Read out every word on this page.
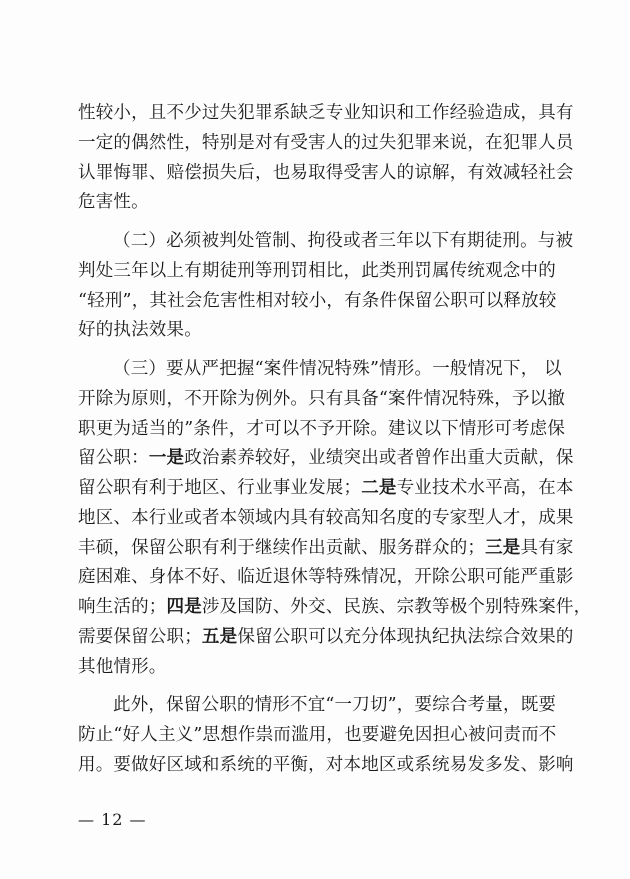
性较小，且不少过失犯罪系缺乏专业知识和工作经验造成，具有
一定的偶然性，特别是对有受害人的过失犯罪来说，在犯罪人员
认罪悔罪、赔偿损失后，也易取得受害人的谅解，有效减轻社会
危害性。
（二）必须被判处管制、拘役或者三年以下有期徒刑。与被
判处三年以上有期徒刑等刑罚相比，此类刑罚属传统观念中的
“轻刑”，其社会危害性相对较小，有条件保留公职可以释放较
好的执法效果。
（三）要从严把握“案件情况特殊”情形。一般情况下， 以
开除为原则，不开除为例外。只有具备“案件情况特殊，予以撤
职更为适当的”条件，才可以不予开除。建议以下情形可考虑保
留公职：一是政治素养较好，业绩突出或者曾作出重大贡献，保
留公职有利于地区、行业事业发展；二是专业技术水平高，在本
地区、本行业或者本领域内具有较高知名度的专家型人才，成果
丰硕，保留公职有利于继续作出贡献、服务群众的；三是具有家
庭困难、身体不好、临近退休等特殊情况，开除公职可能严重影
响生活的；四是涉及国防、外交、民族、宗教等极个别特殊案件，
需要保留公职；五是保留公职可以充分体现执纪执法综合效果的
其他情形。
此外，保留公职的情形不宜“一刀切”，要综合考量，既要
防止“好人主义”思想作祟而滥用，也要避免因担心被问责而不
用。要做好区域和系统的平衡，对本地区或系统易发多发、影响
— 12 —
